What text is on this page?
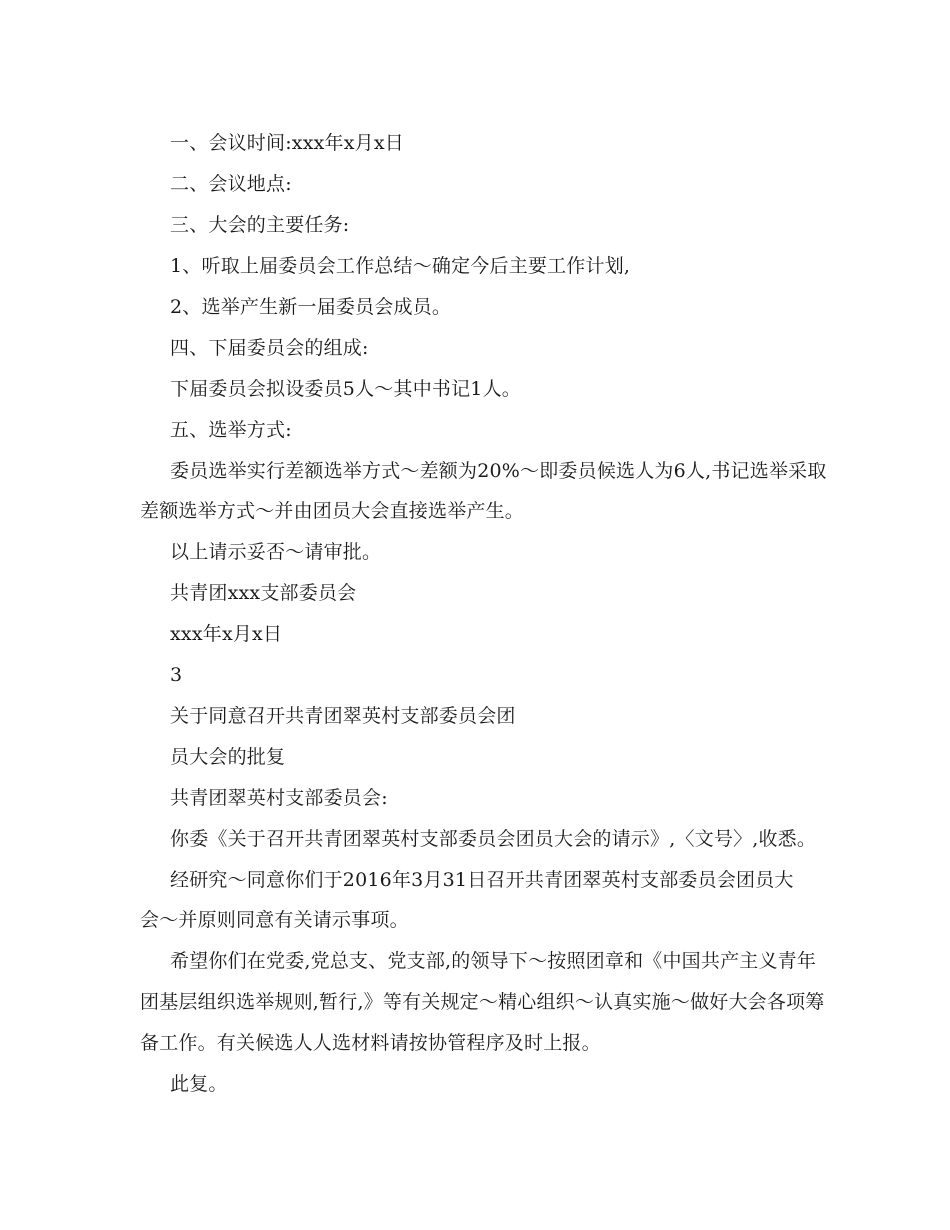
一、会议时间:xxx年x月x日
二、会议地点:
三、大会的主要任务:
1、听取上届委员会工作总结～确定今后主要工作计划,
2、选举产生新一届委员会成员。
四、下届委员会的组成:
下届委员会拟设委员5人～其中书记1人。
五、选举方式:
委员选举实行差额选举方式～差额为20%～即委员候选人为6人,书记选举采取
差额选举方式～并由团员大会直接选举产生。
以上请示妥否～请审批。
共青团xxx支部委员会
xxx年x月x日
3
关于同意召开共青团翠英村支部委员会团
员大会的批复
共青团翠英村支部委员会:
你委《关于召开共青团翠英村支部委员会团员大会的请示》,〈文号〉,收悉。
经研究～同意你们于2016年3月31日召开共青团翠英村支部委员会团员大
会～并原则同意有关请示事项。
希望你们在党委,党总支、党支部,的领导下～按照团章和《中国共产主义青年
团基层组织选举规则,暂行,》等有关规定～精心组织～认真实施～做好大会各项筹
备工作。有关候选人人选材料请按协管程序及时上报。
此复。
